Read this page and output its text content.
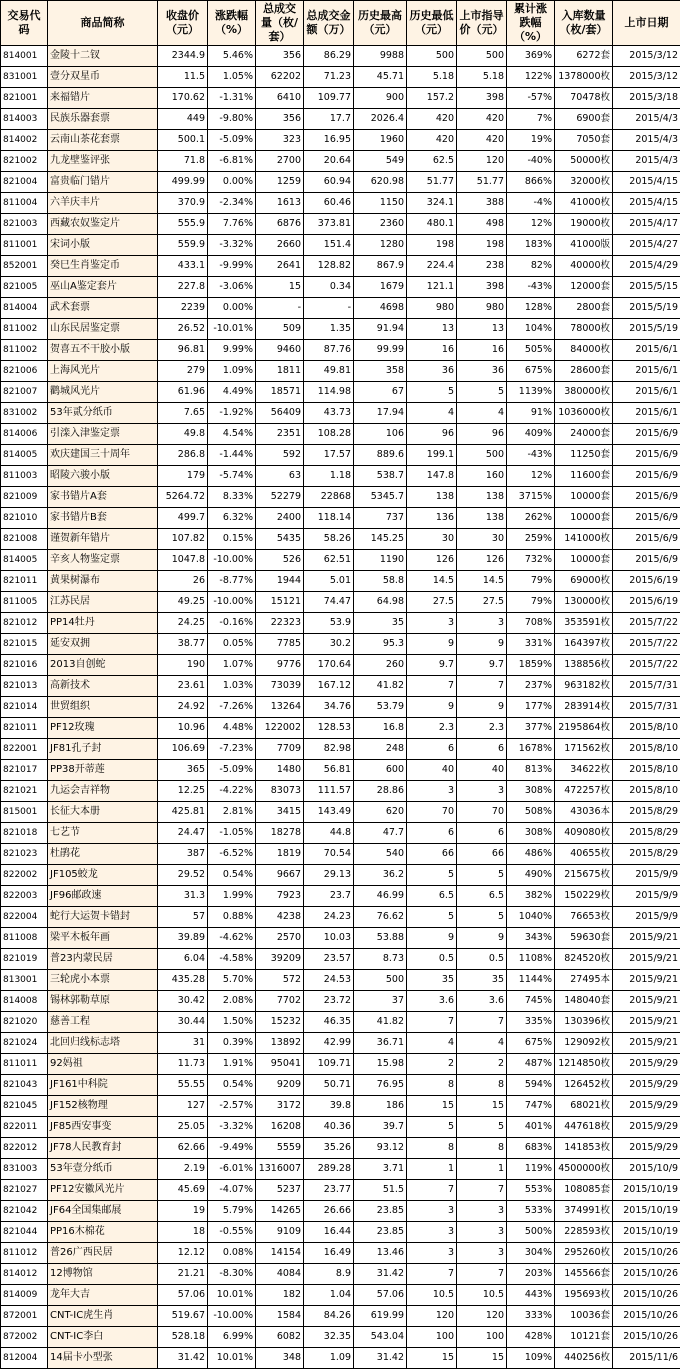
交易代码	商品简称	收盘价（元）	涨跌幅（%）	总成交量（枚/套）	总成交金额（万）	历史最高（元）	历史最低（元）	上市指导价（元）	累计涨跌幅（%）	入库数量（枚/套）	上市日期
814001	金陵十二钗	2344.9	5.46%	356	86.29	9988	500	500	369%	6272套	2015/3/12
831001	壹分双星币	11.5	1.05%	62202	71.23	45.71	5.18	5.18	122%	1378000枚	2015/3/12
821001	来福错片	170.62	-1.31%	6410	109.77	900	157.2	398	-57%	70478枚	2015/3/18
814003	民族乐器套票	449	-9.80%	356	17.7	2026.4	420	420	7%	6900套	2015/4/3
814002	云南山茶花套票	500.1	-5.09%	323	16.95	1960	420	420	19%	7050套	2015/4/3
821002	九龙壁鉴评张	71.8	-6.81%	2700	20.64	549	62.5	120	-40%	50000枚	2015/4/3
821004	富贵临门错片	499.99	0.00%	1259	60.94	620.98	51.77	51.77	866%	32000枚	2015/4/15
811004	六羊庆丰片	370.9	-2.34%	1613	60.46	1150	324.1	388	-4%	41000枚	2015/4/15
821003	西藏农奴鉴定片	555.9	7.76%	6876	373.81	2360	480.1	498	12%	19000枚	2015/4/17
811001	宋词小版	559.9	-3.32%	2660	151.4	1280	198	198	183%	41000版	2015/4/27
852001	癸巳生肖鉴定币	433.1	-9.99%	2641	128.82	867.9	224.4	238	82%	40000枚	2015/4/29
821005	巫山A鉴定套片	227.8	-3.06%	15	0.34	1679	121.1	398	-43%	12000套	2015/5/15
814004	武术套票	2239	0.00%	-	-	4698	980	980	128%	2800套	2015/5/19
811002	山东民居鉴定票	26.52	-10.01%	509	1.35	91.94	13	13	104%	78000枚	2015/5/19
811002	贺喜五不干胶小版	96.81	9.99%	9460	87.76	99.99	16	16	505%	84000枚	2015/6/1
821006	上海风光片	279	1.09%	1811	49.81	358	36	36	675%	28600套	2015/6/1
821007	鹳城风光片	61.96	4.49%	18571	114.98	67	5	5	1139%	380000枚	2015/6/1
831002	53年贰分纸币	7.65	-1.92%	56409	43.73	17.94	4	4	91%	1036000枚	2015/6/1
814006	引滦入津鉴定票	49.8	4.54%	2351	108.28	106	96	96	409%	24000套	2015/6/9
814005	欢庆建国三十周年	286.8	-1.44%	592	17.57	889.6	199.1	500	-43%	11250套	2015/6/9
811003	昭陵六骏小版	179	-5.74%	63	1.18	538.7	147.8	160	12%	11600套	2015/6/9
821009	家书错片A套	5264.72	8.33%	52279	22868	5345.7	138	138	3715%	10000套	2015/6/9
821010	家书错片B套	499.7	6.32%	2400	118.14	737	136	138	262%	10000套	2015/6/9
821008	谨贺新年错片	107.82	0.15%	5435	58.26	145.25	30	30	259%	141000枚	2015/6/9
814005	辛亥人物鉴定票	1047.8	-10.00%	526	62.51	1190	126	126	732%	10000套	2015/6/9
821011	黄果树瀑布	26	-8.77%	1944	5.01	58.8	14.5	14.5	79%	69000枚	2015/6/19
811005	江苏民居	49.25	-10.00%	15121	74.47	64.98	27.5	27.5	79%	130000枚	2015/6/19
821012	PP14牡丹	24.25	-0.16%	22323	53.9	35	3	3	708%	353591枚	2015/7/22
821015	延安双拥	38.77	0.05%	7785	30.2	95.3	9	9	331%	164397枚	2015/7/22
821016	2013自创蛇	190	1.07%	9776	170.64	260	9.7	9.7	1859%	138856枚	2015/7/22
821013	高新技术	23.61	1.03%	73039	167.12	41.82	7	7	237%	963182枚	2015/7/31
821014	世贸组织	24.92	-7.26%	13264	34.76	53.79	9	9	177%	283914枚	2015/7/31
821011	PF12玫瑰	10.96	4.48%	122002	128.53	16.8	2.3	2.3	377%	2195864枚	2015/8/10
822001	JF81孔子封	106.69	-7.23%	7709	82.98	248	6	6	1678%	171562枚	2015/8/10
821017	PP38开蒂莲	365	-5.09%	1480	56.81	600	40	40	813%	34622枚	2015/8/10
821021	九运会吉祥物	12.25	-4.22%	83073	111.57	28.86	3	3	308%	472257枚	2015/8/10
815001	长征大本册	425.81	2.81%	3415	143.49	620	70	70	508%	43036本	2015/8/29
821018	七艺节	24.47	-1.05%	18278	44.8	47.7	6	6	308%	409080枚	2015/8/29
821023	杜鹃花	387	-6.52%	1819	70.54	540	66	66	486%	40655枚	2015/8/29
822002	JF105蛟龙	29.52	0.54%	9667	29.13	36.2	5	5	490%	215675枚	2015/9/9
822003	JF96邮政速	31.3	1.99%	7923	23.7	46.99	6.5	6.5	382%	150229枚	2015/9/9
822004	蛇行大运贺卡错封	57	0.88%	4238	24.23	76.62	5	5	1040%	76653枚	2015/9/9
811008	梁平木板年画	39.89	-4.62%	2570	10.03	53.88	9	9	343%	59630套	2015/9/21
821019	普23内蒙民居	6.04	-4.58%	39209	23.57	8.73	0.5	0.5	1108%	824520枚	2015/9/21
813001	三轮虎小本票	435.28	5.70%	572	24.53	500	35	35	1144%	27495本	2015/9/21
814008	锡林郭勒草原	30.42	2.08%	7702	23.72	37	3.6	3.6	745%	148040套	2015/9/21
821020	慈善工程	30.44	1.50%	15232	46.35	41.82	7	7	335%	130396枚	2015/9/21
821024	北回归线标志塔	31	0.39%	13892	42.99	36.71	4	4	675%	129092枚	2015/9/21
811011	92妈祖	11.73	1.91%	95041	109.71	15.98	2	2	487%	1214850枚	2015/9/29
821043	JF161中科院	55.55	0.54%	9209	50.71	76.95	8	8	594%	126452枚	2015/9/29
821045	JF152核物理	127	-2.57%	3172	39.8	186	15	15	747%	68021枚	2015/9/29
822011	JF85西安事变	25.05	-3.32%	16208	40.36	39.7	5	5	401%	447618枚	2015/9/29
822012	JF78人民教育封	62.66	-9.49%	5559	35.26	93.12	8	8	683%	141853枚	2015/9/29
831003	53年壹分纸币	2.19	-6.01%	1316007	289.28	3.71	1	1	119%	4500000枚	2015/10/9
821027	PF12安徽风光片	45.69	-4.07%	5237	23.77	51.5	7	7	553%	108085套	2015/10/19
821042	JF64全国集邮展	19	5.79%	14265	26.66	23.85	3	3	533%	374991枚	2015/10/19
821044	PP16木棉花	18	-0.55%	9109	16.44	23.85	3	3	500%	228593枚	2015/10/19
811012	普26广西民居	12.12	0.08%	14154	16.49	13.46	3	3	304%	295260枚	2015/10/26
814012	12博物馆	21.21	-8.30%	4084	8.9	31.42	7	7	203%	145566套	2015/10/26
814009	龙年大吉	57.06	10.01%	182	1.04	57.06	10.5	10.5	443%	195693枚	2015/10/26
872001	CNT-IC虎生肖	519.67	-10.00%	1584	84.26	619.99	120	120	333%	10036套	2015/10/26
872002	CNT-IC李白	528.18	6.99%	6082	32.35	543.04	100	100	428%	10121套	2015/10/26
812004	14届卡小型张	31.42	10.01%	348	1.09	31.42	15	15	109%	440256枚	2015/11/6
